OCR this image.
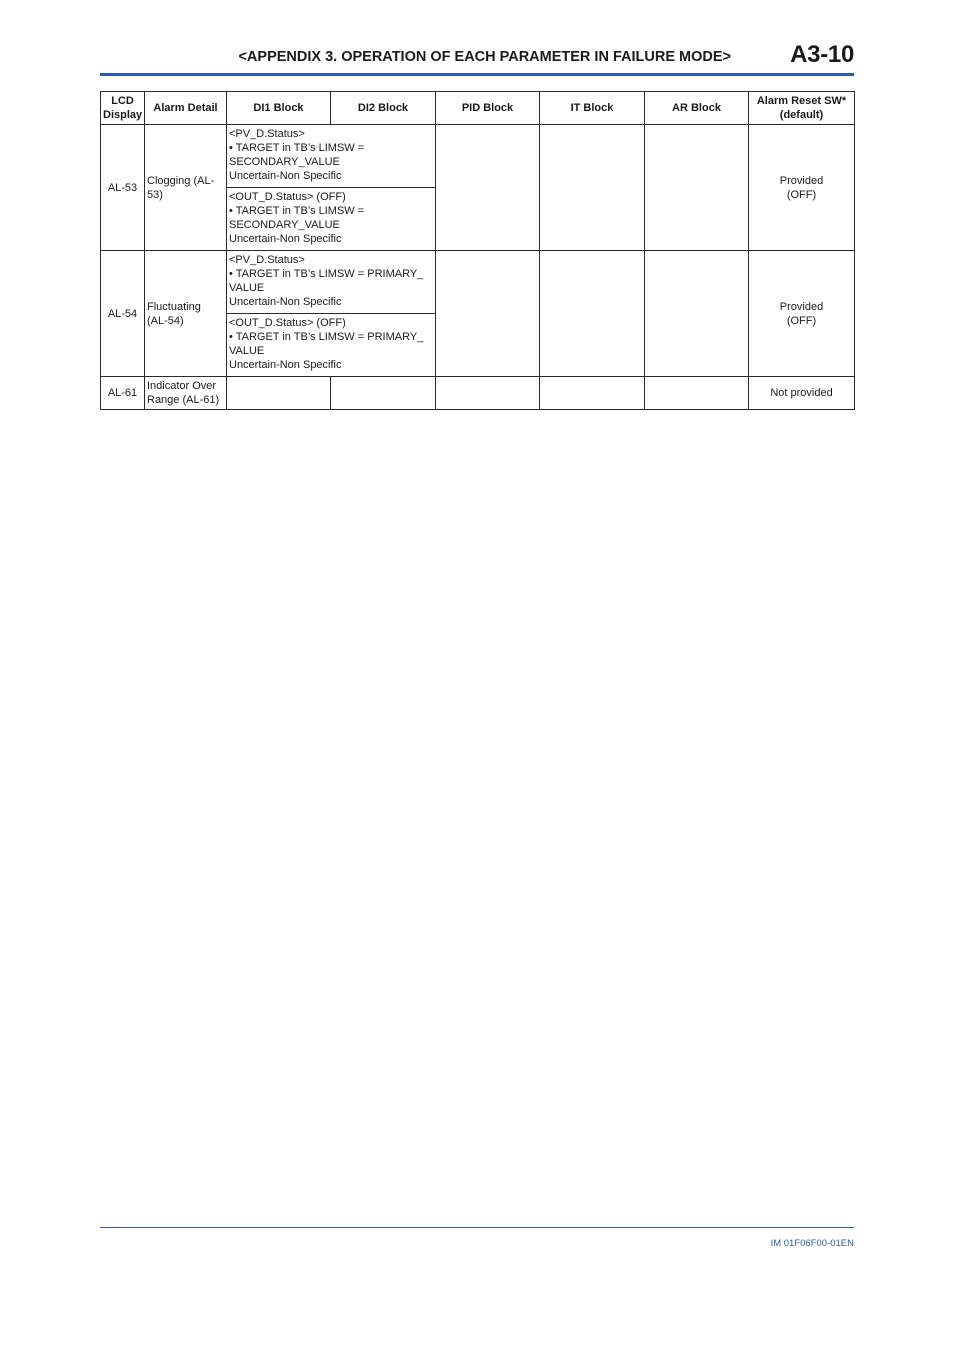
<APPENDIX 3. OPERATION OF EACH PARAMETER IN FAILURE MODE> A3-10
LCD
Display	Alarm Detail	DI1 Block	DI2 Block	PID Block	IT Block	AR Block	Alarm Reset SW*
(default)

AL-53	Clogging (AL-
53)	<PV_D.Status>
• TARGET in TB’s LIMSW =
SECONDARY_VALUE
Uncertain-Non Specific					Provided
(OFF)

		<OUT_D.Status> (OFF)
• TARGET in TB’s LIMSW =
SECONDARY_VALUE
Uncertain-Non Specific					

AL-54	Fluctuating
(AL-54)	<PV_D.Status>
• TARGET in TB’s LIMSW = PRIMARY_
VALUE
Uncertain-Non Specific					Provided
(OFF)

		<OUT_D.Status> (OFF)
• TARGET in TB’s LIMSW = PRIMARY_
VALUE
Uncertain-Non Specific					

AL-61	Indicator Over
Range (AL-61)						Not provided
IM 01F06F00-01EN
